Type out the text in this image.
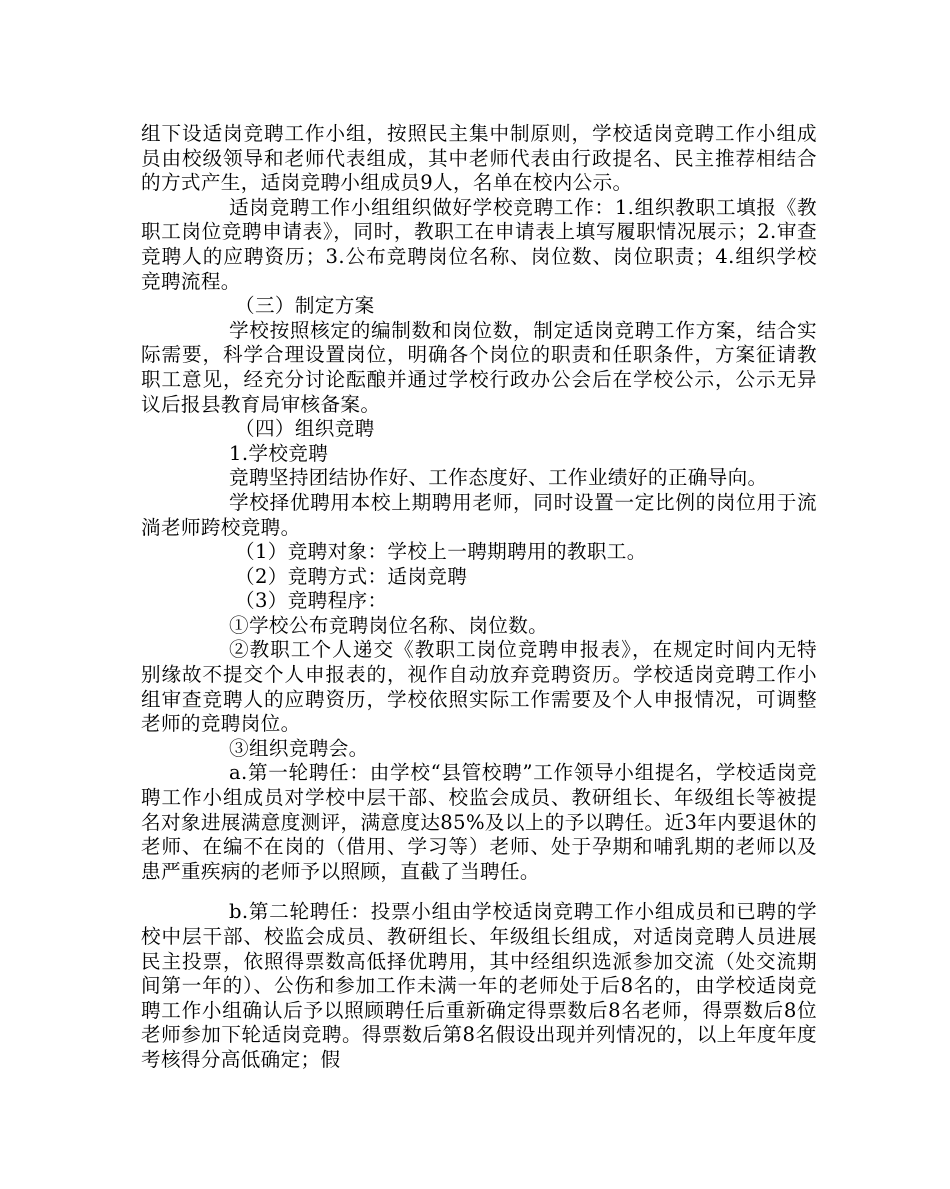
组下设适岗竞聘工作小组，按照民主集中制原则，学校适岗竞聘工作小组成员由校级领导和老师代表组成，其中老师代表由行政提名、民主推荐相结合的方式产生，适岗竞聘小组成员9人，名单在校内公示。

适岗竞聘工作小组组织做好学校竞聘工作：1.组织教职工填报《教职工岗位竞聘申请表》，同时，教职工在申请表上填写履职情况展示；2.审查竞聘人的应聘资历；3.公布竞聘岗位名称、岗位数、岗位职责；4.组织学校竞聘流程。

（三）制定方案

学校按照核定的编制数和岗位数，制定适岗竞聘工作方案，结合实际需要，科学合理设置岗位，明确各个岗位的职责和任职条件，方案征请教职工意见，经充分讨论酝酿并通过学校行政办公会后在学校公示，公示无异议后报县教育局审核备案。

（四）组织竞聘

1.学校竞聘

竞聘坚持团结协作好、工作态度好、工作业绩好的正确导向。

学校择优聘用本校上期聘用老师，同时设置一定比例的岗位用于流淌老师跨校竞聘。

（1）竞聘对象：学校上一聘期聘用的教职工。

（2）竞聘方式：适岗竞聘

（3）竞聘程序：

①学校公布竞聘岗位名称、岗位数。

②教职工个人递交《教职工岗位竞聘申报表》，在规定时间内无特别缘故不提交个人申报表的，视作自动放弃竞聘资历。学校适岗竞聘工作小组审查竞聘人的应聘资历，学校依照实际工作需要及个人申报情况，可调整老师的竞聘岗位。

③组织竞聘会。

a.第一轮聘任：由学校“县管校聘”工作领导小组提名，学校适岗竞聘工作小组成员对学校中层干部、校监会成员、教研组长、年级组长等被提名对象进展满意度测评，满意度达85%及以上的予以聘任。近3年内要退休的老师、在编不在岗的（借用、学习等）老师、处于孕期和哺乳期的老师以及患严重疾病的老师予以照顾，直截了当聘任。

b.第二轮聘任：投票小组由学校适岗竞聘工作小组成员和已聘的学校中层干部、校监会成员、教研组长、年级组长组成，对适岗竞聘人员进展民主投票，依照得票数高低择优聘用，其中经组织选派参加交流（处交流期间第一年的）、公伤和参加工作未满一年的老师处于后8名的，由学校适岗竞聘工作小组确认后予以照顾聘任后重新确定得票数后8名老师，得票数后8位老师参加下轮适岗竞聘。得票数后第8名假设出现并列情况的，以上年度年度考核得分高低确定；假
